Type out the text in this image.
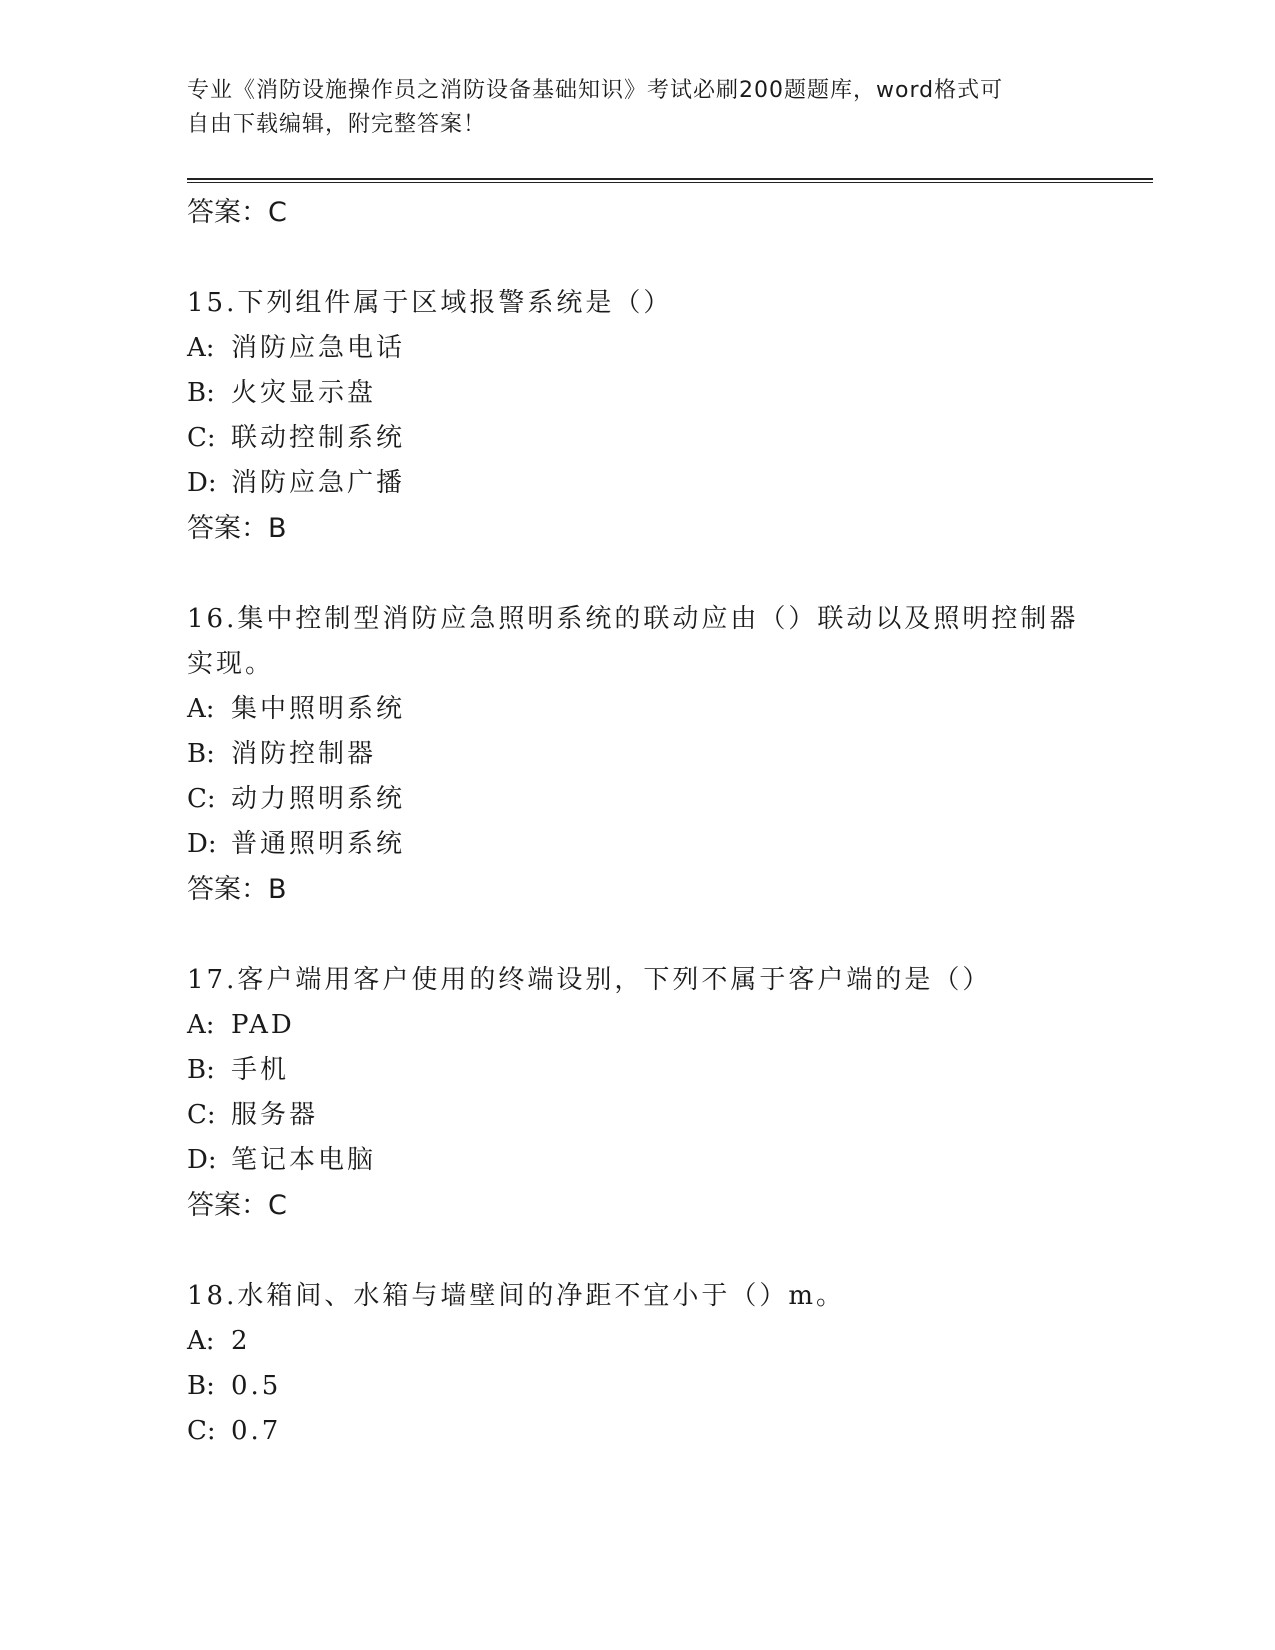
专业《消防设施操作员之消防设备基础知识》考试必刷200题题库，word格式可
自由下载编辑，附完整答案！
答案：C
15.下列组件属于区域报警系统是（）
A: 消防应急电话
B: 火灾显示盘
C: 联动控制系统
D: 消防应急广播
答案：B
16.集中控制型消防应急照明系统的联动应由（）联动以及照明控制器实现。
A: 集中照明系统
B: 消防控制器
C: 动力照明系统
D: 普通照明系统
答案：B
17.客户端用客户使用的终端设别，下列不属于客户端的是（）
A: PAD
B: 手机
C: 服务器
D: 笔记本电脑
答案：C
18.水箱间、水箱与墙壁间的净距不宜小于（）m。
A: 2
B: 0.5
C: 0.7
